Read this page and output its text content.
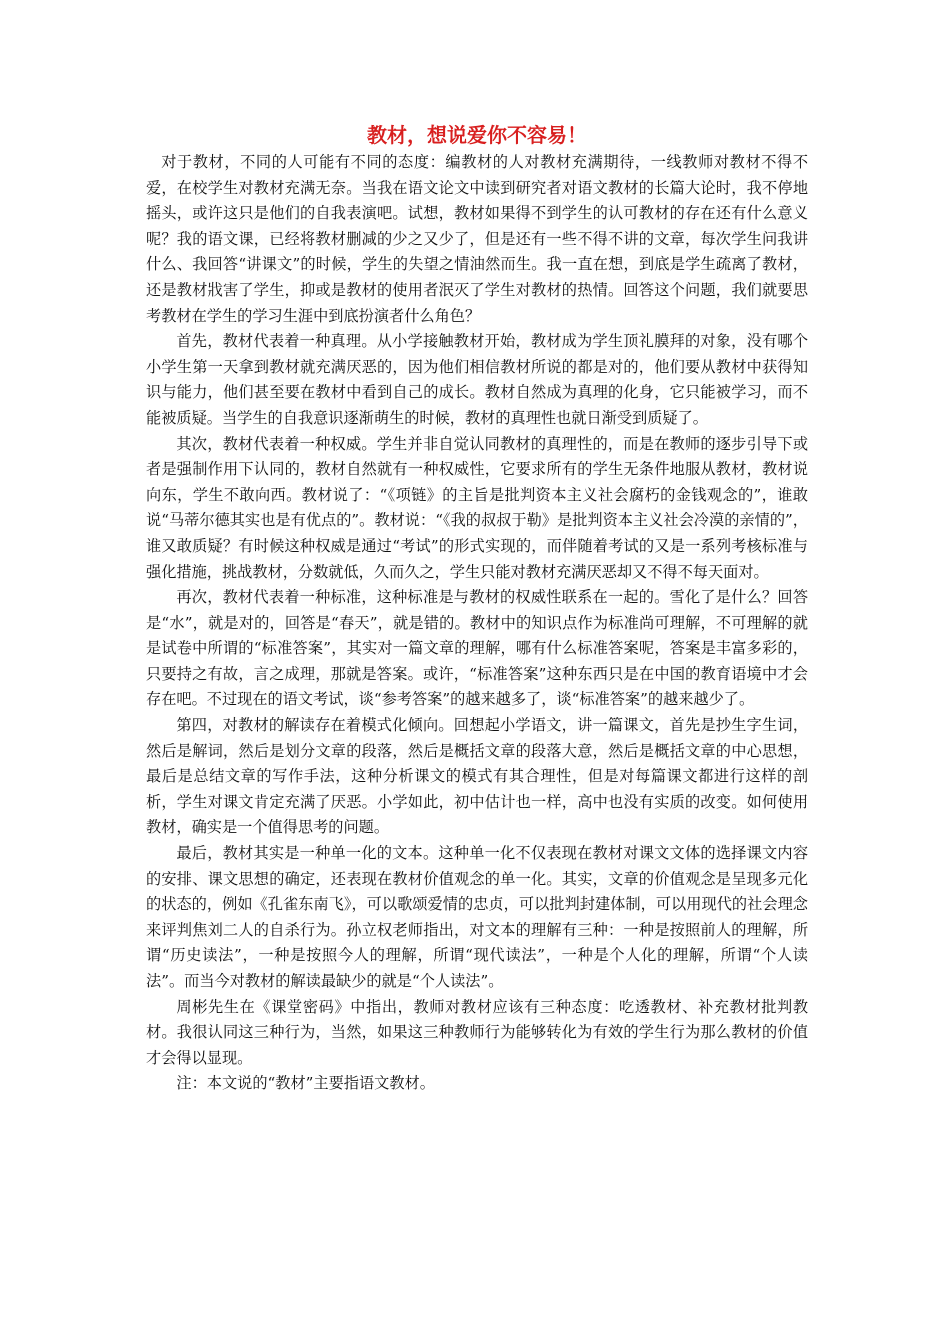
教材，想说爱你不容易！

对于教材，不同的人可能有不同的态度：编教材的人对教材充满期待，一线教师对教材不得不爱，在校学生对教材充满无奈。当我在语文论文中读到研究者对语文教材的长篇大论时，我不停地摇头，或许这只是他们的自我表演吧。试想，教材如果得不到学生的认可教材的存在还有什么意义呢？我的语文课，已经将教材删减的少之又少了，但是还有一些不得不讲的文章，每次学生问我讲什么、我回答“讲课文”的时候，学生的失望之情油然而生。我一直在想，到底是学生疏离了教材，还是教材戕害了学生，抑或是教材的使用者泯灭了学生对教材的热情。回答这个问题，我们就要思考教材在学生的学习生涯中到底扮演者什么角色？

首先，教材代表着一种真理。从小学接触教材开始，教材成为学生顶礼膜拜的对象，没有哪个小学生第一天拿到教材就充满厌恶的，因为他们相信教材所说的都是对的，他们要从教材中获得知识与能力，他们甚至要在教材中看到自己的成长。教材自然成为真理的化身，它只能被学习，而不能被质疑。当学生的自我意识逐渐萌生的时候，教材的真理性也就日渐受到质疑了。

其次，教材代表着一种权威。学生并非自觉认同教材的真理性的，而是在教师的逐步引导下或者是强制作用下认同的，教材自然就有一种权威性，它要求所有的学生无条件地服从教材，教材说向东，学生不敢向西。教材说了：“《项链》的主旨是批判资本主义社会腐朽的金钱观念的”，谁敢说“马蒂尔德其实也是有优点的”。教材说：“《我的叔叔于勒》是批判资本主义社会冷漠的亲情的”，谁又敢质疑？有时候这种权威是通过“考试”的形式实现的，而伴随着考试的又是一系列考核标准与强化措施，挑战教材，分数就低，久而久之，学生只能对教材充满厌恶却又不得不每天面对。

再次，教材代表着一种标准，这种标准是与教材的权威性联系在一起的。雪化了是什么？回答是“水”，就是对的，回答是“春天”，就是错的。教材中的知识点作为标准尚可理解，不可理解的就是试卷中所谓的“标准答案”，其实对一篇文章的理解，哪有什么标准答案呢，答案是丰富多彩的，只要持之有故，言之成理，那就是答案。或许，“标准答案”这种东西只是在中国的教育语境中才会存在吧。不过现在的语文考试，谈“参考答案”的越来越多了，谈“标准答案”的越来越少了。

第四，对教材的解读存在着模式化倾向。回想起小学语文，讲一篇课文，首先是抄生字生词，然后是解词，然后是划分文章的段落，然后是概括文章的段落大意，然后是概括文章的中心思想，最后是总结文章的写作手法，这种分析课文的模式有其合理性，但是对每篇课文都进行这样的剖析，学生对课文肯定充满了厌恶。小学如此，初中估计也一样，高中也没有实质的改变。如何使用教材，确实是一个值得思考的问题。

最后，教材其实是一种单一化的文本。这种单一化不仅表现在教材对课文文体的选择课文内容的安排、课文思想的确定，还表现在教材价值观念的单一化。其实，文章的价值观念是呈现多元化的状态的，例如《孔雀东南飞》，可以歌颂爱情的忠贞，可以批判封建体制，可以用现代的社会理念来评判焦刘二人的自杀行为。孙立权老师指出，对文本的理解有三种：一种是按照前人的理解，所谓“历史读法”，一种是按照今人的理解，所谓“现代读法”，一种是个人化的理解，所谓“个人读法”。而当今对教材的解读最缺少的就是“个人读法”。

周彬先生在《课堂密码》中指出，教师对教材应该有三种态度：吃透教材、补充教材批判教材。我很认同这三种行为，当然，如果这三种教师行为能够转化为有效的学生行为那么教材的价值才会得以显现。

注：本文说的“教材”主要指语文教材。
